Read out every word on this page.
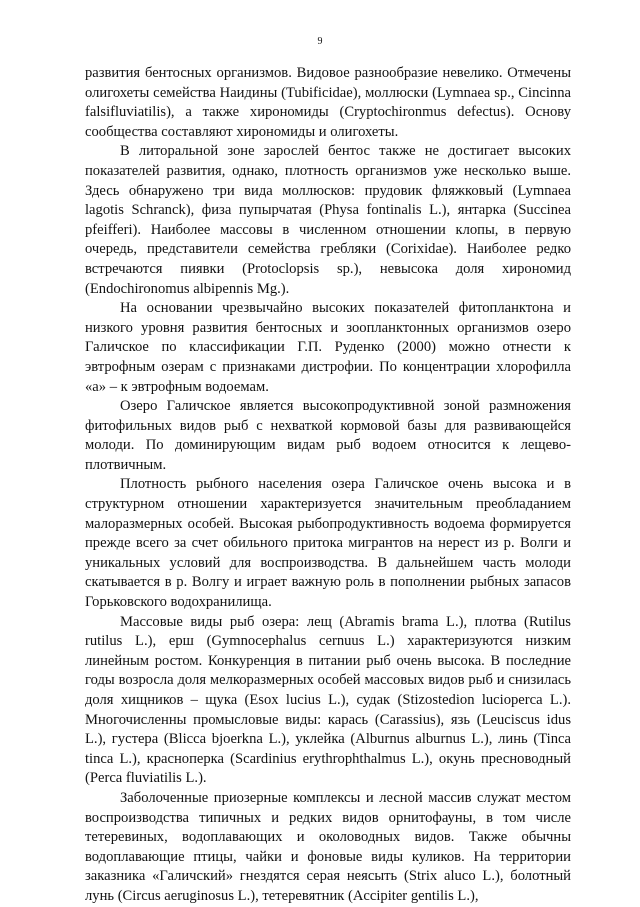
9

развития бентосных организмов. Видовое разнообразие невелико. Отмечены олигохеты семейства Наидины (Tubificidae), моллюски (Lymnaea sp., Cincinna falsifluviatilis), а также хирономиды (Cryptochironmus defectus). Основу сообщества составляют хирономиды и олигохеты.

В литоральной зоне зарослей бентос также не достигает высоких показателей развития, однако, плотность организмов уже несколько выше. Здесь обнаружено три вида моллюсков: прудовик фляжковый (Lymnaea lagotis Schranck), физа пупырчатая (Physa fontinalis L.), янтарка (Succinea pfeifferi). Наиболее массовы в численном отношении клопы, в первую очередь, представители семейства гребляки (Corixidae). Наиболее редко встречаются пиявки (Protoclopsis sp.), невысока доля хирономид (Endochironomus albipennis Mg.).

На основании чрезвычайно высоких показателей фитопланктона и низкого уровня развития бентосных и зоопланктонных организмов озеро Галичское по классификации Г.П. Руденко (2000) можно отнести к эвтрофным озерам с признаками дистрофии. По концентрации хлорофилла «а» – к эвтрофным водоемам.

Озеро Галичское является высокопродуктивной зоной размножения фитофильных видов рыб с нехваткой кормовой базы для развивающейся молоди. По доминирующим видам рыб водоем относится к лещево-плотвичным.

Плотность рыбного населения озера Галичское очень высока и в структурном отношении характеризуется значительным преобладанием малоразмерных особей. Высокая рыбопродуктивность водоема формируется прежде всего за счет обильного притока мигрантов на нерест из р. Волги и уникальных условий для воспроизводства. В дальнейшем часть молоди скатывается в р. Волгу и играет важную роль в пополнении рыбных запасов Горьковского водохранилища.

Массовые виды рыб озера: лещ (Abramis brama L.), плотва (Rutilus rutilus L.), ерш (Gymnocephalus cernuus L.) характеризуются низким линейным ростом. Конкуренция в питании рыб очень высока. В последние годы возросла доля мелкоразмерных особей массовых видов рыб и снизилась доля хищников – щука (Esox lucius L.), судак (Stizostedion lucioperca L.). Многочисленны промысловые виды: карась (Carassius), язь (Leuciscus idus L.), густера (Blicca bjoerkna L.), уклейка (Alburnus alburnus L.), линь (Tinca tinca L.), красноперка (Scardinius erythrophthalmus L.), окунь пресноводный (Perca fluviatilis L.).

Заболоченные приозерные комплексы и лесной массив служат местом воспроизводства типичных и редких видов орнитофауны, в том числе тетеревиных, водоплавающих и околоводных видов. Также обычны водоплавающие птицы, чайки и фоновые виды куликов. На территории заказника «Галичский» гнездятся серая неясыть (Strix aluco L.), болотный лунь (Circus aeruginosus L.), тетеревятник (Accipiter gentilis L.),
